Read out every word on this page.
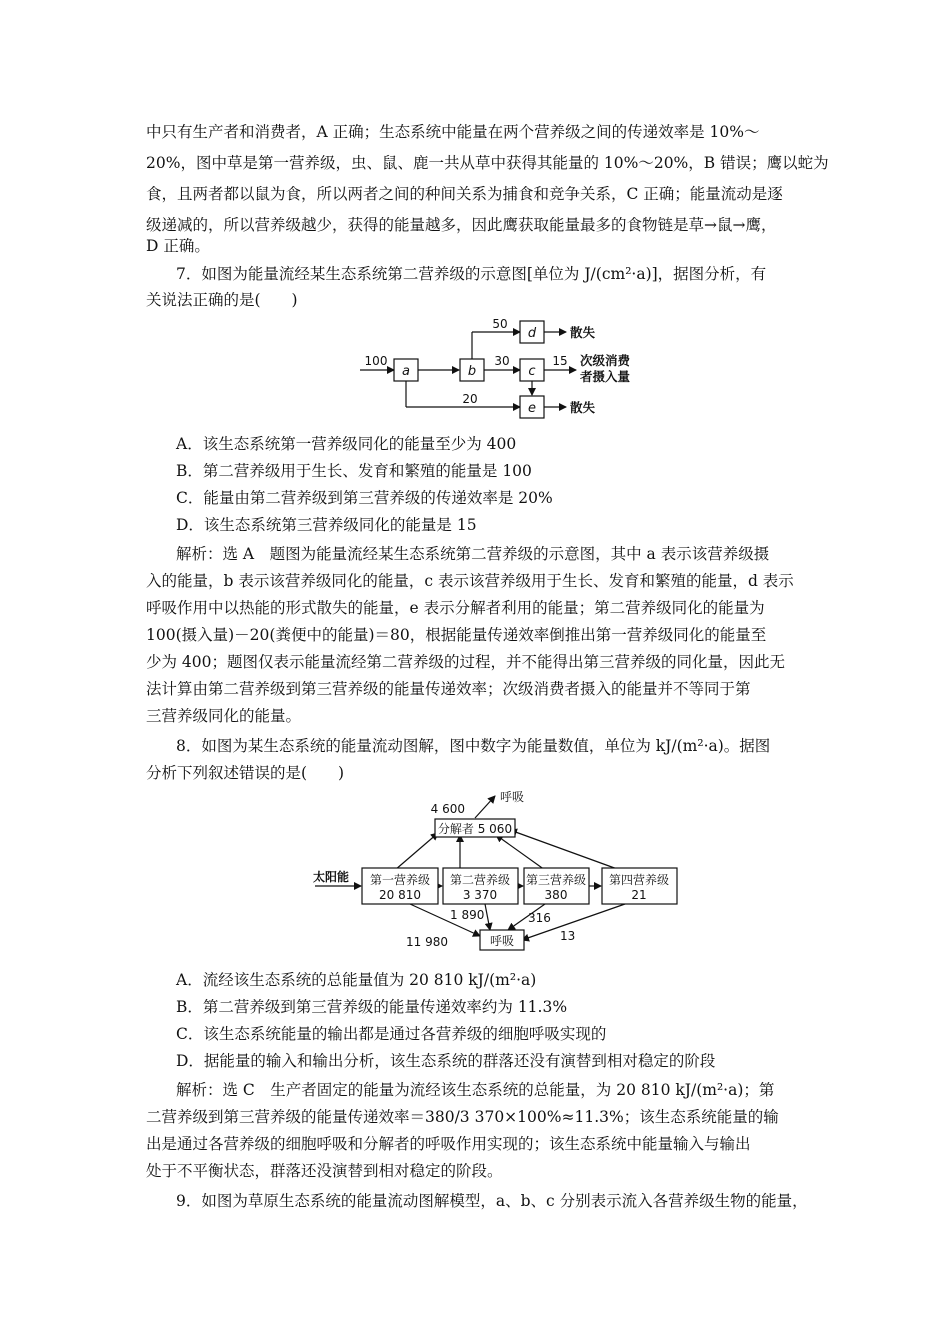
中只有生产者和消费者，A 正确；生态系统中能量在两个营养级之间的传递效率是 10%～
20%，图中草是第一营养级，虫、鼠、鹿一共从草中获得其能量的 10%～20%，B 错误；鹰以蛇为
食，且两者都以鼠为食，所以两者之间的种间关系为捕食和竞争关系，C 正确；能量流动是逐
级递减的，所以营养级越少，获得的能量越多，因此鹰获取能量最多的食物链是草→鼠→鹰，
D 正确。
7．如图为能量流经某生态系统第二营养级的示意图[单位为 J/(cm²·a)]，据图分析，有
关说法正确的是(　　)
a	b	c
d
e
100
50
30	15
20
散失
次级消费
者摄入量
散失
A．该生态系统第一营养级同化的能量至少为 400
B．第二营养级用于生长、发育和繁殖的能量是 100
C．能量由第二营养级到第三营养级的传递效率是 20%
D．该生态系统第三营养级同化的能量是 15
解析：选 A　题图为能量流经某生态系统第二营养级的示意图，其中 a 表示该营养级摄
入的能量，b 表示该营养级同化的能量，c 表示该营养级用于生长、发育和繁殖的能量，d 表示
呼吸作用中以热能的形式散失的能量，e 表示分解者利用的能量；第二营养级同化的能量为
100(摄入量)－20(粪便中的能量)＝80，根据能量传递效率倒推出第一营养级同化的能量至
少为 400；题图仅表示能量流经第二营养级的过程，并不能得出第三营养级的同化量，因此无
法计算由第二营养级到第三营养级的能量传递效率；次级消费者摄入的能量并不等同于第
三营养级同化的能量。
8．如图为某生态系统的能量流动图解，图中数字为能量数值，单位为 kJ/(m²·a)。据图
分析下列叙述错误的是(　　)
分解者 5 060
呼吸
4 600
太阳能 第一营养级
20 810
第二营养级
3 370
第三营养级
380
第四营养级
21
呼吸
11 980
1 890	316
13
A．流经该生态系统的总能量值为 20 810 kJ/(m²·a)
B．第二营养级到第三营养级的能量传递效率约为 11.3%
C．该生态系统能量的输出都是通过各营养级的细胞呼吸实现的
D．据能量的输入和输出分析，该生态系统的群落还没有演替到相对稳定的阶段
解析：选 C　生产者固定的能量为流经该生态系统的总能量，为 20 810 kJ/(m²·a)；第
二营养级到第三营养级的能量传递效率＝380/3 370×100%≈11.3%；该生态系统能量的输
出是通过各营养级的细胞呼吸和分解者的呼吸作用实现的；该生态系统中能量输入与输出
处于不平衡状态，群落还没演替到相对稳定的阶段。
9．如图为草原生态系统的能量流动图解模型，a、b、c 分别表示流入各营养级生物的能量，
